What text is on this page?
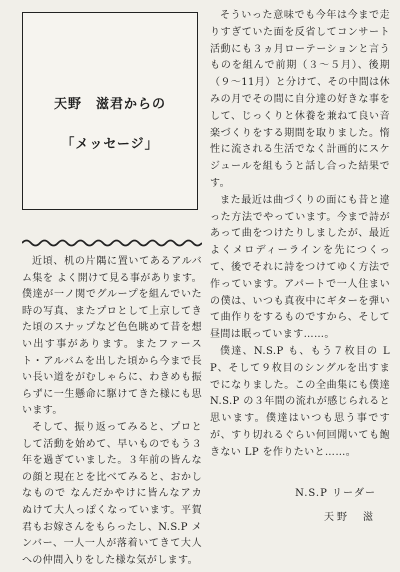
天野　滋君からの
「メッセージ」

近頃、机の片隅に置いてあるアルバム集を よく開けて見る事があります。僕達が一ノ関でグループを組んでいた時の写真、またプロとして上京してきた頃のスナップなど色色眺めて昔を想い出す事があります。またファースト・アルバムを出した頃から今まで長い長い道をがむしゃらに、わきめも振らずに一生懸命に駆けてきた様にも思います。

そして、振り返ってみると、プロとして活動を始めて、早いものでもう３年を過ぎていました。３年前の皆んなの顔と現在とを比べてみると、おかしなもので なんだかやけに皆んなアカぬけて大人っぽくなっています。平賀君もお嫁さんをもらったし、N.S.P メンバー、一人一人が落着いてきて大人への仲間入りをした様な気がします。

そういった意味でも今年は今まで走りすぎていた面を反省してコンサート活動にも３ヵ月ローテーションと言うものを組んで前期（３〜５月）、後期（９〜11月）と分けて、その中間は休みの月でその間に自分達の好きな事をして、じっくりと休養を兼ねて良い音楽づくりをする期間を取りました。惰性に流される生活でなく計画的にスケジュールを組もうと話し合った結果です。

また最近は曲づくりの面にも昔と違った方法でやっています。今まで詩があって曲をつけたりしましたが、最近よくメロディーラインを先につくって、後でそれに詩をつけてゆく方法で作っています。アパートで一人住まいの僕は、いつも真夜中にギターを弾いて曲作りをするものですから、そして昼間は眠っています……。

僕達、N.S.P も、もう７枚目の LP、そして９枚目のシングルを出すまでになりました。この全曲集にも僕達N.S.P の３年間の流れが感じられると思います。僕達はいつも思う事ですが、すり切れるぐらい何回聞いても飽きない LP を作りたいと……。

N.S.P リーダー
天野　滋
